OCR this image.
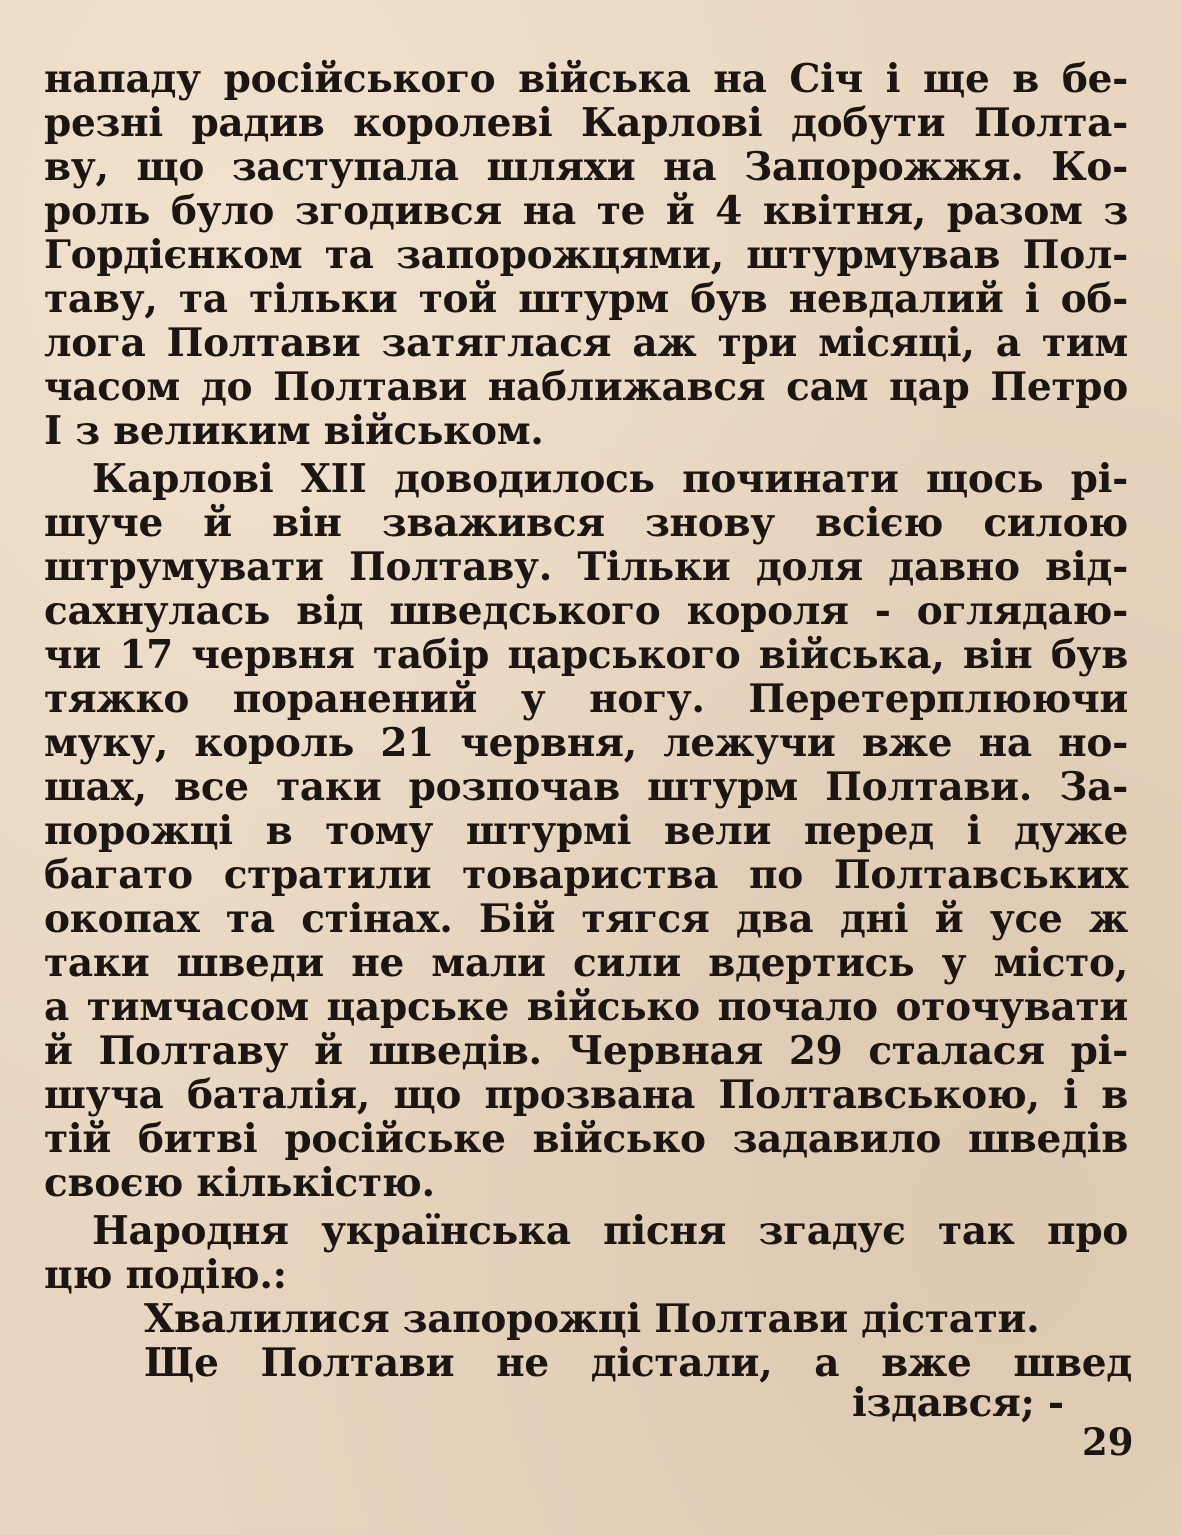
нападу російського війська на Січ і ще в бе-
резні радив королеві Карлові добути Полта-
ву, що заступала шляхи на Запорожжя. Ко-
роль було згодився на те й 4 квітня, разом з
Гордієнком та запорожцями, штурмував Пол-
таву, та тільки той штурм був невдалий і об-
лога Полтави затяглася аж три місяці, а тим
часом до Полтави наближався сам цар Петро
I з великим військом.
Карлові XII доводилось починати щось рі-
шуче й він зважився знову всією силою
штрумувати Полтаву. Тільки доля давно від-
сахнулась від шведського короля - оглядаю-
чи 17 червня табір царського війська, він був
тяжко поранений у ногу. Перетерплюючи
муку, король 21 червня, лежучи вже на но-
шах, все таки розпочав штурм Полтави. За-
порожці в тому штурмі вели перед і дуже
багато стратили товариства по Полтавських
окопах та стінах. Бій тягся два дні й усе ж
таки шведи не мали сили вдертись у місто,
а тимчасом царське військо почало оточувати
й Полтаву й шведів. Червная 29 сталася рі-
шуча баталія, що прозвана Полтавською, і в
тій битві російське військо задавило шведів
своєю кількістю.
Народня українська пісня згадує так про
цю подію.:
Хвалилися запорожці Полтави дістати.
Ще Полтави не дістали, а вже швед
іздався; -
29
